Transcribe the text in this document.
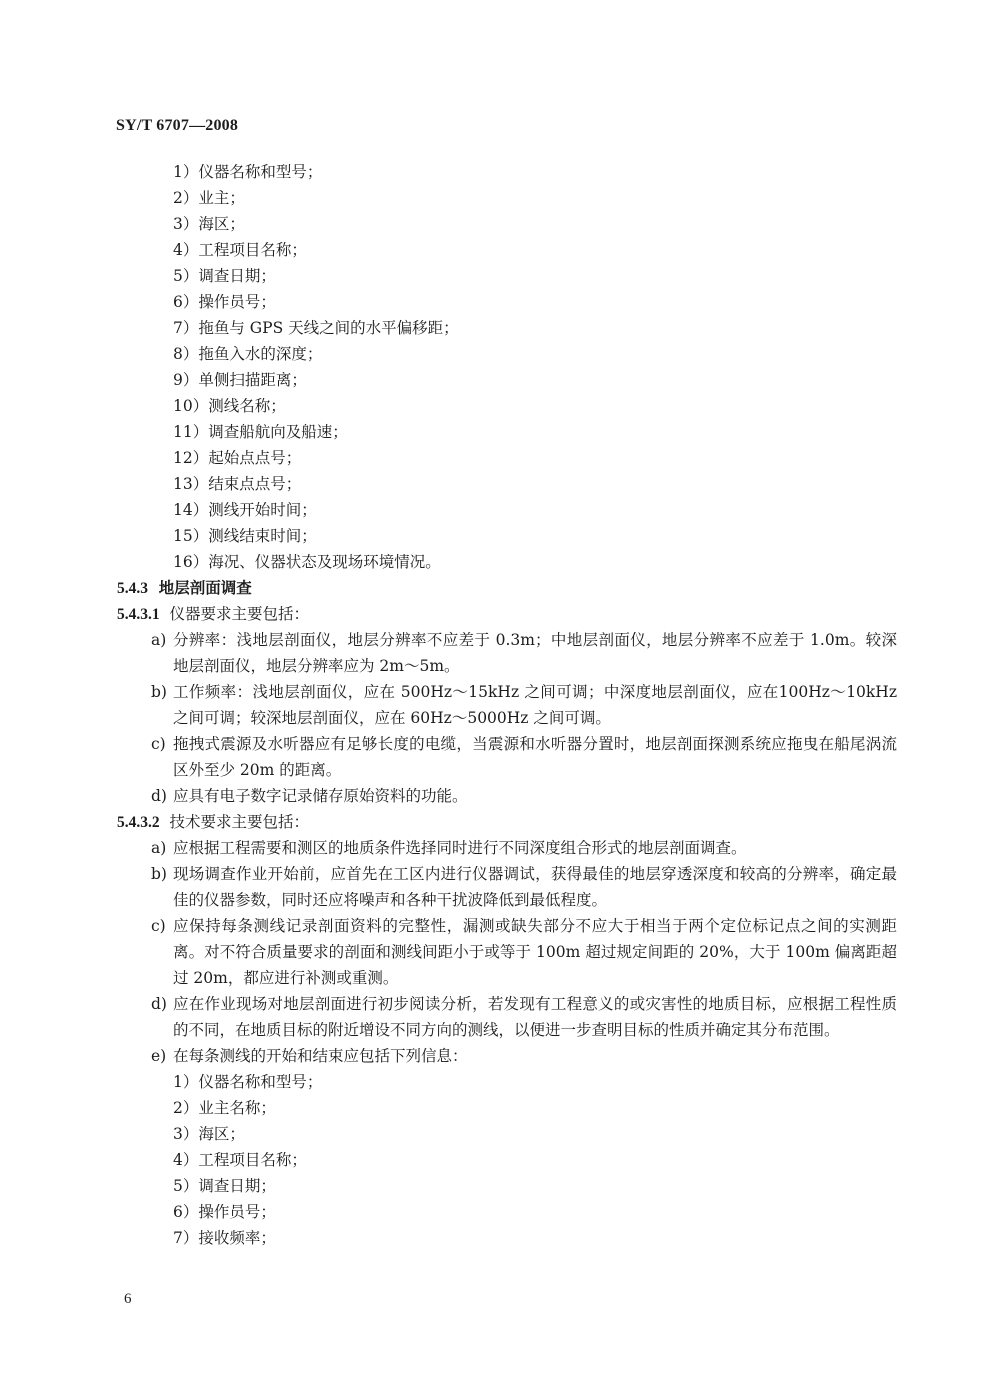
SY/T 6707—2008
1）仪器名称和型号；
2）业主；
3）海区；
4）工程项目名称；
5）调查日期；
6）操作员号；
7）拖鱼与 GPS 天线之间的水平偏移距；
8）拖鱼入水的深度；
9）单侧扫描距离；
10）测线名称；
11）调查船航向及船速；
12）起始点点号；
13）结束点点号；
14）测线开始时间；
15）测线结束时间；
16）海况、仪器状态及现场环境情况。
5.4.3 地层剖面调查
5.4.3.1 仪器要求主要包括：
a) 分辨率：浅地层剖面仪，地层分辨率不应差于 0.3m；中地层剖面仪，地层分辨率不应差于 1.0m。较深地层剖面仪，地层分辨率应为 2m～5m。
b) 工作频率：浅地层剖面仪，应在 500Hz～15kHz 之间可调；中深度地层剖面仪，应在100Hz～10kHz 之间可调；较深地层剖面仪，应在 60Hz～5000Hz 之间可调。
c) 拖拽式震源及水听器应有足够长度的电缆，当震源和水听器分置时，地层剖面探测系统应拖曳在船尾涡流区外至少 20m 的距离。
d) 应具有电子数字记录储存原始资料的功能。
5.4.3.2 技术要求主要包括：
a) 应根据工程需要和测区的地质条件选择同时进行不同深度组合形式的地层剖面调查。
b) 现场调查作业开始前，应首先在工区内进行仪器调试，获得最佳的地层穿透深度和较高的分辨率，确定最佳的仪器参数，同时还应将噪声和各种干扰波降低到最低程度。
c) 应保持每条测线记录剖面资料的完整性，漏测或缺失部分不应大于相当于两个定位标记点之间的实测距离。对不符合质量要求的剖面和测线间距小于或等于 100m 超过规定间距的 20%，大于 100m 偏离距超过 20m，都应进行补测或重测。
d) 应在作业现场对地层剖面进行初步阅读分析，若发现有工程意义的或灾害性的地质目标，应根据工程性质的不同，在地质目标的附近增设不同方向的测线，以便进一步查明目标的性质并确定其分布范围。
e) 在每条测线的开始和结束应包括下列信息：
1）仪器名称和型号；
2）业主名称；
3）海区；
4）工程项目名称；
5）调查日期；
6）操作员号；
7）接收频率；
6
